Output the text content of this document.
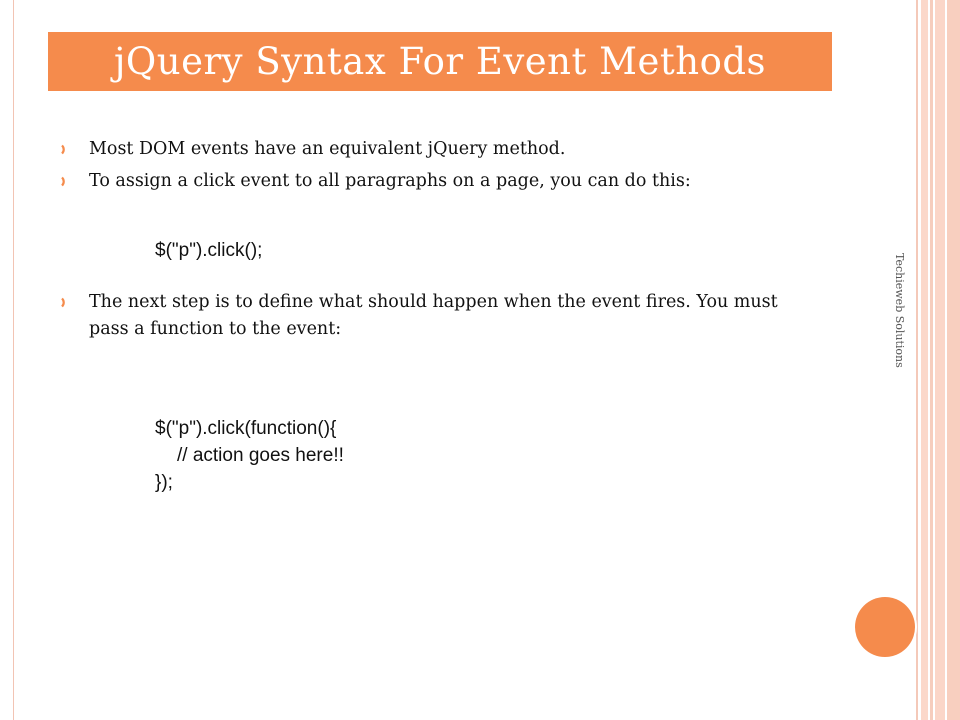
jQuery Syntax For Event Methods
Most DOM events have an equivalent jQuery method.
To assign a click event to all paragraphs on a page, you can do this:
The next step is to define what should happen when the event fires. You must pass a function to the event:
$("p").click();
$("p").click(function(){
// action goes here!!
});
Techieweb Solutions
